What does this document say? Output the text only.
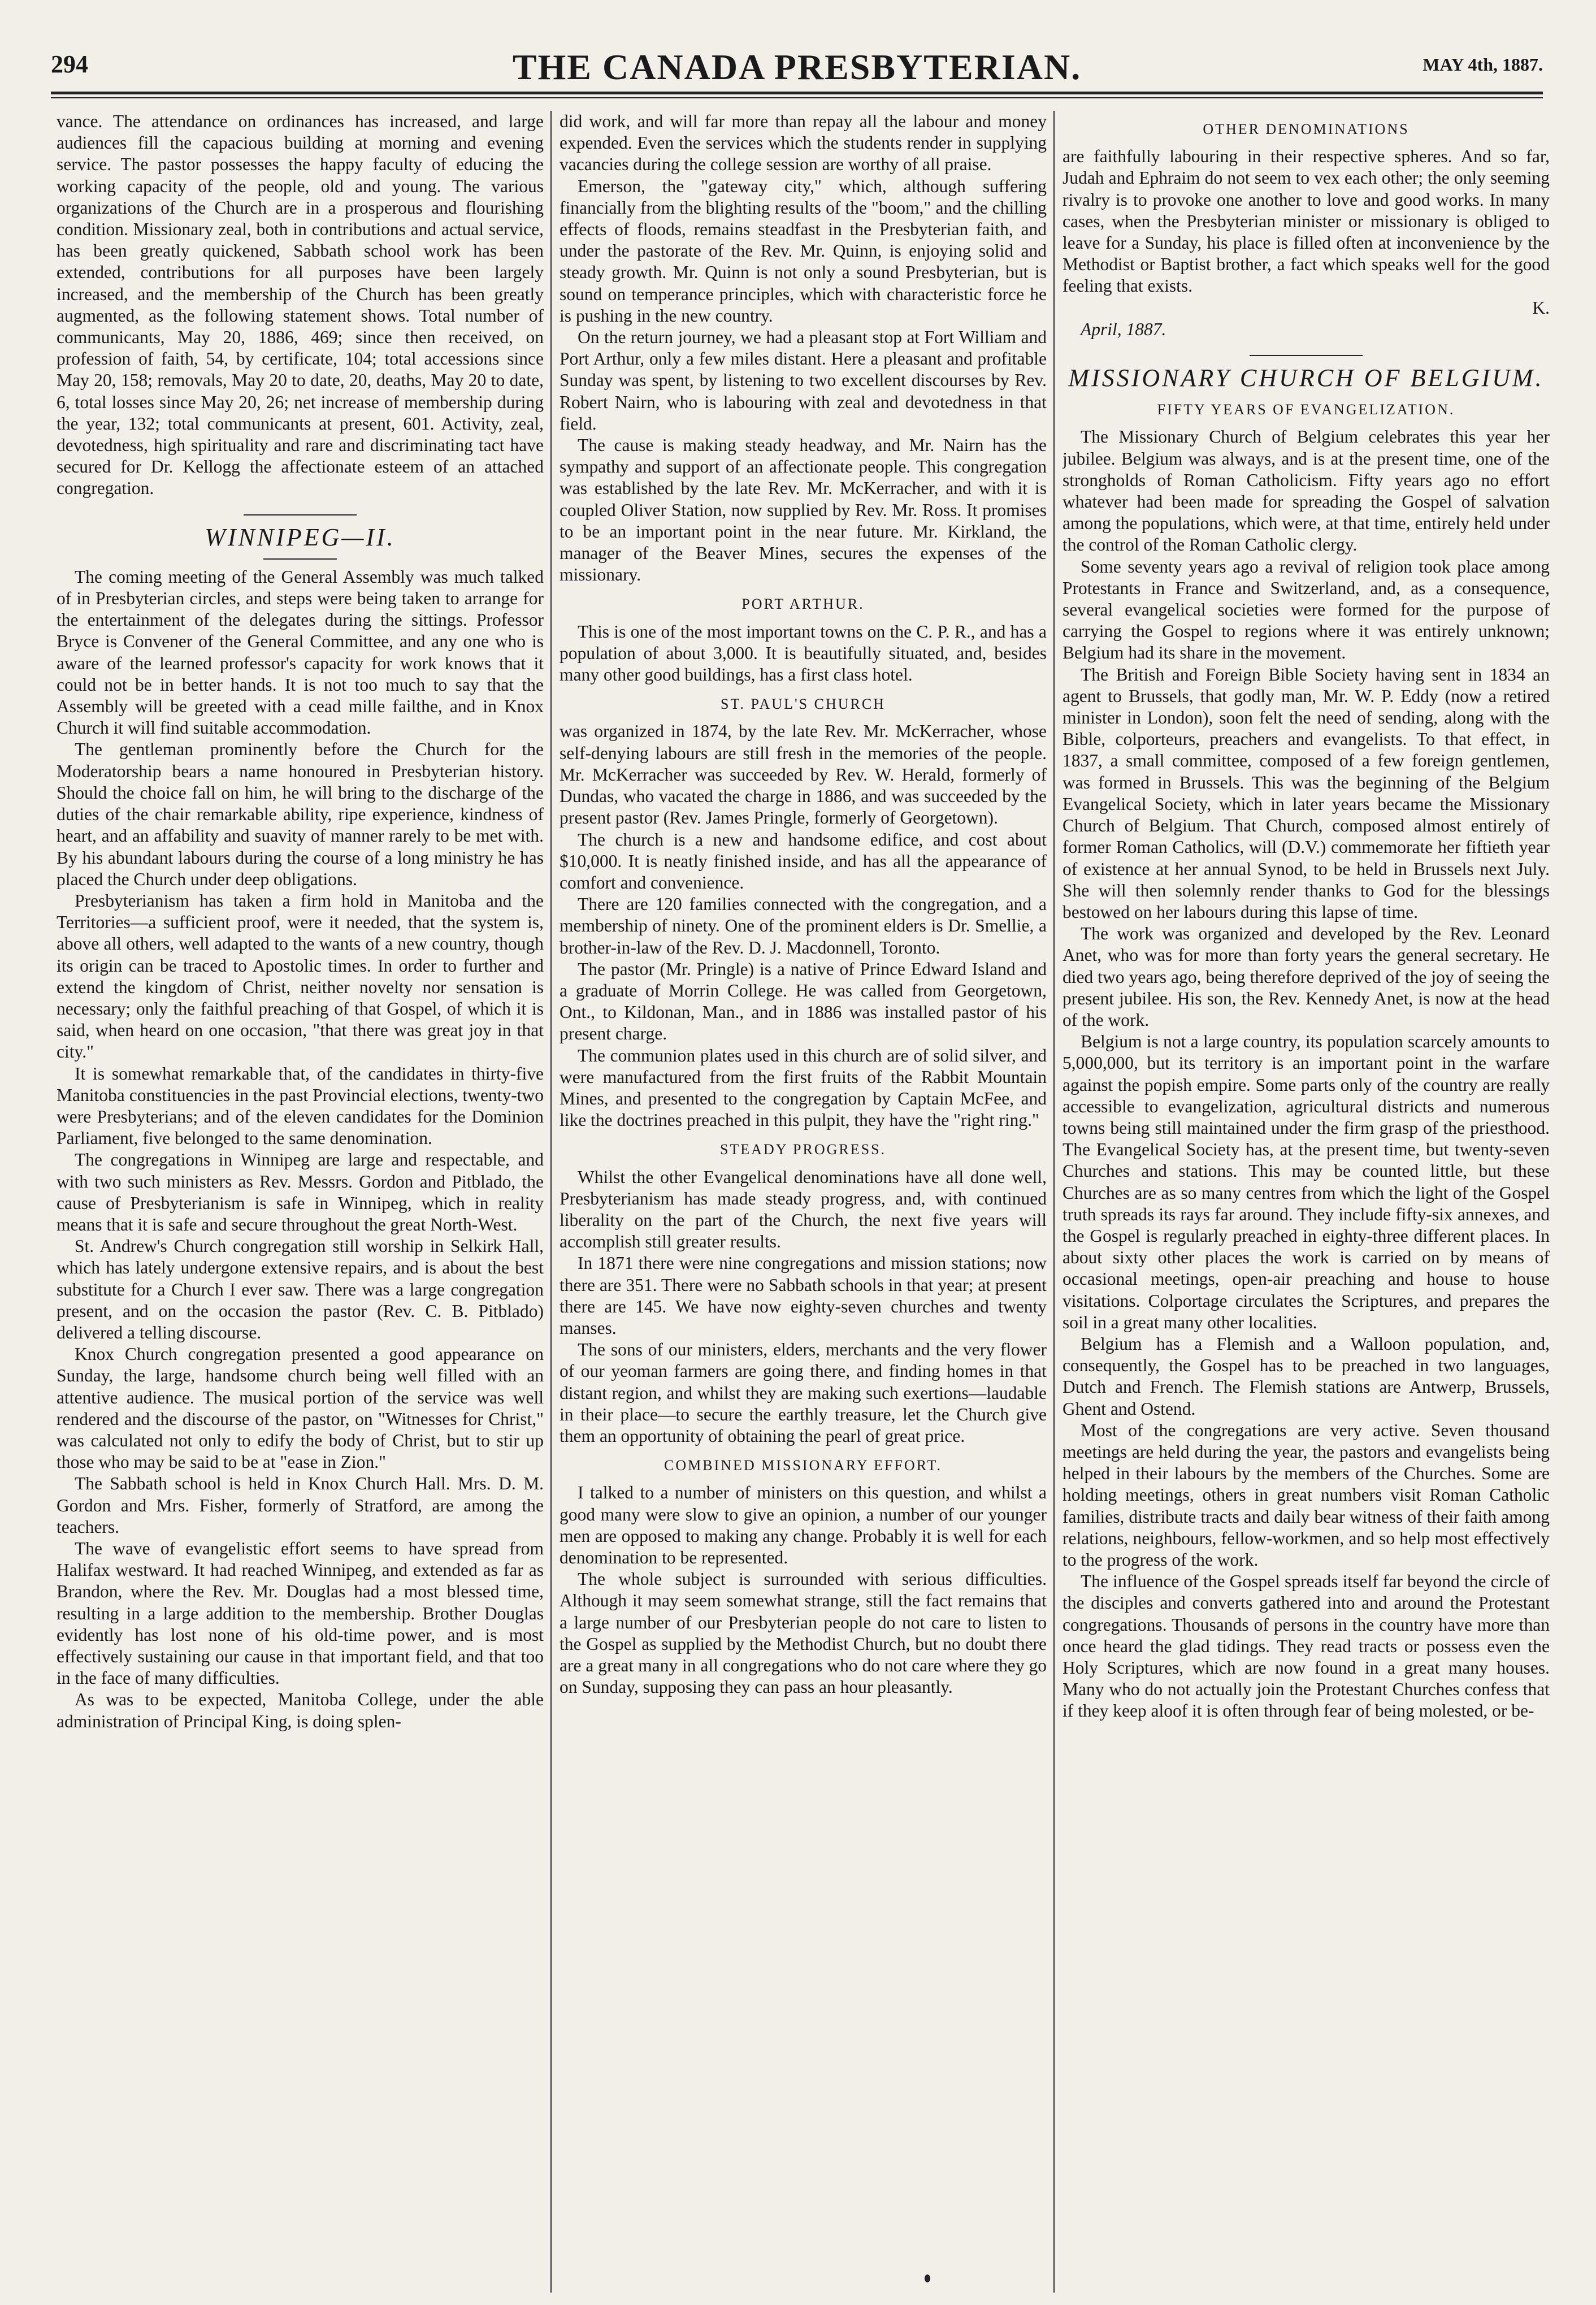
294	THE CANADA PRESBYTERIAN.	MAY 4th, 1887.

vance. The attendance on ordinances has increased, and large audiences fill the capacious building at morning and evening service. The pastor possesses the happy faculty of educing the working capacity of the people, old and young. The various organizations of the Church are in a prosperous and flourishing condition. Missionary zeal, both in contributions and actual service, has been greatly quickened, Sabbath school work has been extended, contributions for all purposes have been largely increased, and the membership of the Church has been greatly augmented, as the following statement shows. Total number of communicants, May 20, 1886, 469; since then received, on profession of faith, 54, by certificate, 104; total accessions since May 20, 158; removals, May 20 to date, 20, deaths, May 20 to date, 6, total losses since May 20, 26; net increase of membership during the year, 132; total communicants at present, 601. Activity, zeal, devotedness, high spirituality and rare and discriminating tact have secured for Dr. Kellogg the affectionate esteem of an attached congregation.

WINNIPEG—II.

The coming meeting of the General Assembly was much talked of in Presbyterian circles, and steps were being taken to arrange for the entertainment of the delegates during the sittings. Professor Bryce is Convener of the General Committee, and any one who is aware of the learned professor's capacity for work knows that it could not be in better hands. It is not too much to say that the Assembly will be greeted with a cead mille failthe, and in Knox Church it will find suitable accommodation.

The gentleman prominently before the Church for the Moderatorship bears a name honoured in Presbyterian history. Should the choice fall on him, he will bring to the discharge of the duties of the chair remarkable ability, ripe experience, kindness of heart, and an affability and suavity of manner rarely to be met with. By his abundant labours during the course of a long ministry he has placed the Church under deep obligations.

Presbyterianism has taken a firm hold in Manitoba and the Territories—a sufficient proof, were it needed, that the system is, above all others, well adapted to the wants of a new country, though its origin can be traced to Apostolic times. In order to further and extend the kingdom of Christ, neither novelty nor sensation is necessary; only the faithful preaching of that Gospel, of which it is said, when heard on one occasion, "that there was great joy in that city."

It is somewhat remarkable that, of the candidates in thirty-five Manitoba constituencies in the past Provincial elections, twenty-two were Presbyterians; and of the eleven candidates for the Dominion Parliament, five belonged to the same denomination.

The congregations in Winnipeg are large and respectable, and with two such ministers as Rev. Messrs. Gordon and Pitblado, the cause of Presbyterianism is safe in Winnipeg, which in reality means that it is safe and secure throughout the great North-West.

St. Andrew's Church congregation still worship in Selkirk Hall, which has lately undergone extensive repairs, and is about the best substitute for a Church I ever saw. There was a large congregation present, and on the occasion the pastor (Rev. C. B. Pitblado) delivered a telling discourse.

Knox Church congregation presented a good appearance on Sunday, the large, handsome church being well filled with an attentive audience. The musical portion of the service was well rendered and the discourse of the pastor, on "Witnesses for Christ," was calculated not only to edify the body of Christ, but to stir up those who may be said to be at "ease in Zion."

The Sabbath school is held in Knox Church Hall. Mrs. D. M. Gordon and Mrs. Fisher, formerly of Stratford, are among the teachers.

The wave of evangelistic effort seems to have spread from Halifax westward. It had reached Winnipeg, and extended as far as Brandon, where the Rev. Mr. Douglas had a most blessed time, resulting in a large addition to the membership. Brother Douglas evidently has lost none of his old-time power, and is most effectively sustaining our cause in that important field, and that too in the face of many difficulties.

As was to be expected, Manitoba College, under the able administration of Principal King, is doing splen-

did work, and will far more than repay all the labour and money expended. Even the services which the students render in supplying vacancies during the college session are worthy of all praise.

Emerson, the "gateway city," which, although suffering financially from the blighting results of the "boom," and the chilling effects of floods, remains steadfast in the Presbyterian faith, and under the pastorate of the Rev. Mr. Quinn, is enjoying solid and steady growth. Mr. Quinn is not only a sound Presbyterian, but is sound on temperance principles, which with characteristic force he is pushing in the new country.

On the return journey, we had a pleasant stop at Fort William and Port Arthur, only a few miles distant. Here a pleasant and profitable Sunday was spent, by listening to two excellent discourses by Rev. Robert Nairn, who is labouring with zeal and devotedness in that field.

The cause is making steady headway, and Mr. Nairn has the sympathy and support of an affectionate people. This congregation was established by the late Rev. Mr. McKerracher, and with it is coupled Oliver Station, now supplied by Rev. Mr. Ross. It promises to be an important point in the near future. Mr. Kirkland, the manager of the Beaver Mines, secures the expenses of the missionary.

PORT ARTHUR.

This is one of the most important towns on the C. P. R., and has a population of about 3,000. It is beautifully situated, and, besides many other good buildings, has a first class hotel.

ST. PAUL'S CHURCH

was organized in 1874, by the late Rev. Mr. McKerracher, whose self-denying labours are still fresh in the memories of the people. Mr. McKerracher was succeeded by Rev. W. Herald, formerly of Dundas, who vacated the charge in 1886, and was succeeded by the present pastor (Rev. James Pringle, formerly of Georgetown).

The church is a new and handsome edifice, and cost about $10,000. It is neatly finished inside, and has all the appearance of comfort and convenience.

There are 120 families connected with the congregation, and a membership of ninety. One of the prominent elders is Dr. Smellie, a brother-in-law of the Rev. D. J. Macdonnell, Toronto.

The pastor (Mr. Pringle) is a native of Prince Edward Island and a graduate of Morrin College. He was called from Georgetown, Ont., to Kildonan, Man., and in 1886 was installed pastor of his present charge.

The communion plates used in this church are of solid silver, and were manufactured from the first fruits of the Rabbit Mountain Mines, and presented to the congregation by Captain McFee, and like the doctrines preached in this pulpit, they have the "right ring."

STEADY PROGRESS.

Whilst the other Evangelical denominations have all done well, Presbyterianism has made steady progress, and, with continued liberality on the part of the Church, the next five years will accomplish still greater results.

In 1871 there were nine congregations and mission stations; now there are 351. There were no Sabbath schools in that year; at present there are 145. We have now eighty-seven churches and twenty manses.

The sons of our ministers, elders, merchants and the very flower of our yeoman farmers are going there, and finding homes in that distant region, and whilst they are making such exertions—laudable in their place—to secure the earthly treasure, let the Church give them an opportunity of obtaining the pearl of great price.

COMBINED MISSIONARY EFFORT.

I talked to a number of ministers on this question, and whilst a good many were slow to give an opinion, a number of our younger men are opposed to making any change. Probably it is well for each denomination to be represented.

The whole subject is surrounded with serious difficulties. Although it may seem somewhat strange, still the fact remains that a large number of our Presbyterian people do not care to listen to the Gospel as supplied by the Methodist Church, but no doubt there are a great many in all congregations who do not care where they go on Sunday, supposing they can pass an hour pleasantly.

OTHER DENOMINATIONS

are faithfully labouring in their respective spheres. And so far, Judah and Ephraim do not seem to vex each other; the only seeming rivalry is to provoke one another to love and good works. In many cases, when the Presbyterian minister or missionary is obliged to leave for a Sunday, his place is filled often at inconvenience by the Methodist or Baptist brother, a fact which speaks well for the good feeling that exists.

K.

April, 1887.

MISSIONARY CHURCH OF BELGIUM.
FIFTY YEARS OF EVANGELIZATION.

The Missionary Church of Belgium celebrates this year her jubilee. Belgium was always, and is at the present time, one of the strongholds of Roman Catholicism. Fifty years ago no effort whatever had been made for spreading the Gospel of salvation among the populations, which were, at that time, entirely held under the control of the Roman Catholic clergy.

Some seventy years ago a revival of religion took place among Protestants in France and Switzerland, and, as a consequence, several evangelical societies were formed for the purpose of carrying the Gospel to regions where it was entirely unknown; Belgium had its share in the movement.

The British and Foreign Bible Society having sent in 1834 an agent to Brussels, that godly man, Mr. W. P. Eddy (now a retired minister in London), soon felt the need of sending, along with the Bible, colporteurs, preachers and evangelists. To that effect, in 1837, a small committee, composed of a few foreign gentlemen, was formed in Brussels. This was the beginning of the Belgium Evangelical Society, which in later years became the Missionary Church of Belgium. That Church, composed almost entirely of former Roman Catholics, will (D.V.) commemorate her fiftieth year of existence at her annual Synod, to be held in Brussels next July. She will then solemnly render thanks to God for the blessings bestowed on her labours during this lapse of time.

The work was organized and developed by the Rev. Leonard Anet, who was for more than forty years the general secretary. He died two years ago, being therefore deprived of the joy of seeing the present jubilee. His son, the Rev. Kennedy Anet, is now at the head of the work.

Belgium is not a large country, its population scarcely amounts to 5,000,000, but its territory is an important point in the warfare against the popish empire. Some parts only of the country are really accessible to evangelization, agricultural districts and numerous towns being still maintained under the firm grasp of the priesthood. The Evangelical Society has, at the present time, but twenty-seven Churches and stations. This may be counted little, but these Churches are as so many centres from which the light of the Gospel truth spreads its rays far around. They include fifty-six annexes, and the Gospel is regularly preached in eighty-three different places. In about sixty other places the work is carried on by means of occasional meetings, open-air preaching and house to house visitations. Colportage circulates the Scriptures, and prepares the soil in a great many other localities.

Belgium has a Flemish and a Walloon population, and, consequently, the Gospel has to be preached in two languages, Dutch and French. The Flemish stations are Antwerp, Brussels, Ghent and Ostend.

Most of the congregations are very active. Seven thousand meetings are held during the year, the pastors and evangelists being helped in their labours by the members of the Churches. Some are holding meetings, others in great numbers visit Roman Catholic families, distribute tracts and daily bear witness of their faith among relations, neighbours, fellow-workmen, and so help most effectively to the progress of the work.

The influence of the Gospel spreads itself far beyond the circle of the disciples and converts gathered into and around the Protestant congregations. Thousands of persons in the country have more than once heard the glad tidings. They read tracts or possess even the Holy Scriptures, which are now found in a great many houses. Many who do not actually join the Protestant Churches confess that if they keep aloof it is often through fear of being molested, or be-
